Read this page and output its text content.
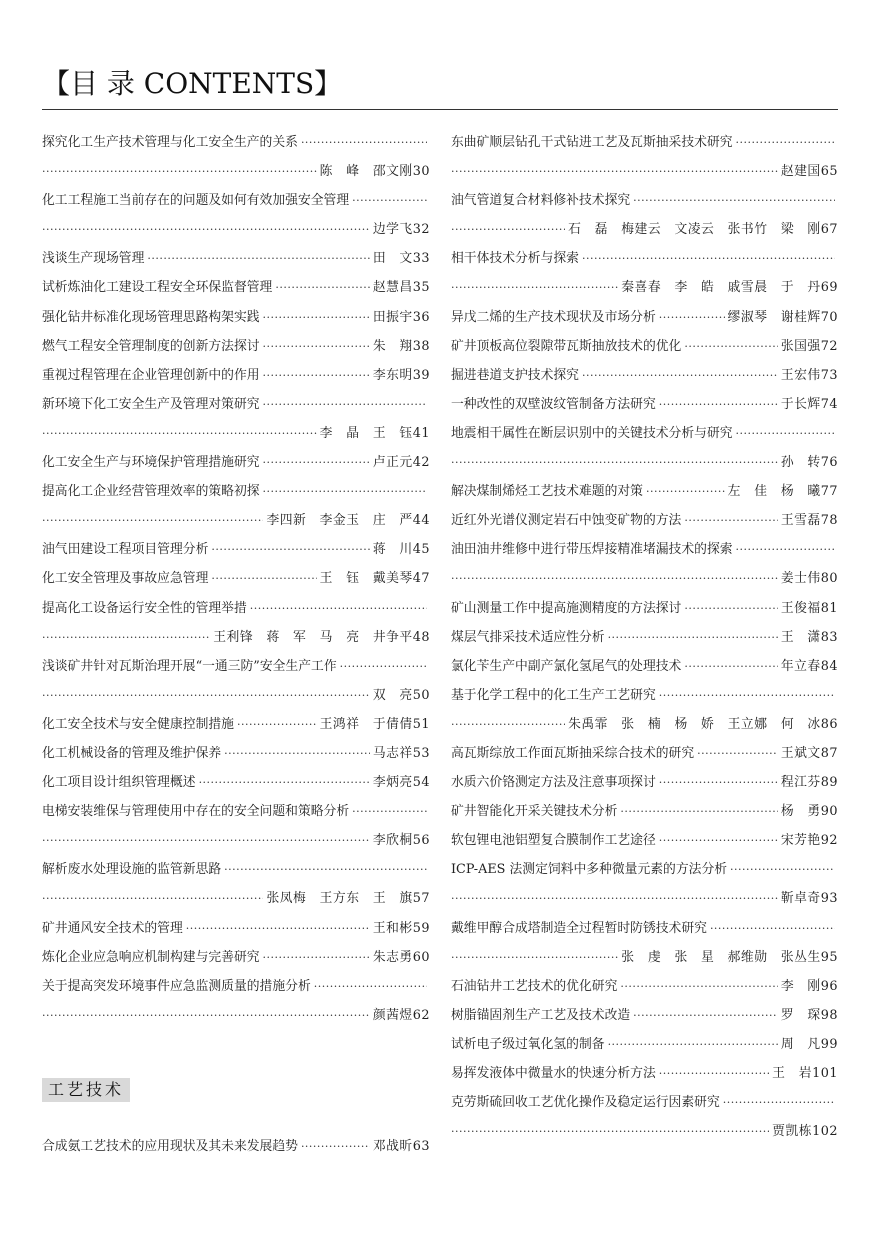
【目 录 CONTENTS】
探究化工生产技术管理与化工安全生产的关系
·····
·····
陈　峰　邵文刚 30
化工工程施工当前存在的问题及如何有效加强安全管理
·····
·····
边学飞 32
浅谈生产现场管理 ·····	田　文 33
试析炼油化工建设工程安全环保监督管理 ·····	赵慧昌 35
强化钻井标准化现场管理思路构架实践 ·····	田振宇 36
燃气工程安全管理制度的创新方法探讨 ·····	朱　翔 38
重视过程管理在企业管理创新中的作用 ·····	李东明 39
新环境下化工安全生产及管理对策研究
·····
·····
李　晶　王　钰 41
化工安全生产与环境保护管理措施研究 ·····	卢正元 42
提高化工企业经营管理效率的策略初探
·····
·····
李四新　李金玉　庄　严 44
油气田建设工程项目管理分析 ·····	蒋　川 45
化工安全管理及事故应急管理 ·····	王　钰　戴美琴 47
提高化工设备运行安全性的管理举措
·····
·····
王利锋　蒋　军　马　亮　井争平 48
浅谈矿井针对瓦斯治理开展“一通三防”安全生产工作
·····
·····
双　亮 50
化工安全技术与安全健康控制措施 ·····	王鸿祥　于倩倩 51
化工机械设备的管理及维护保养 ·····	马志祥 53
化工项目设计组织管理概述 ·····	李炳亮 54
电梯安装维保与管理使用中存在的安全问题和策略分析
·····
·····
李欣桐 56
解析废水处理设施的监管新思路
·····
·····
张凤梅　王方东　王　旗 57
矿井通风安全技术的管理 ·····	王和彬 59
炼化企业应急响应机制构建与完善研究 ·····	朱志勇 60
关于提高突发环境事件应急监测质量的措施分析
·····
·····
颜茜煜 62
东曲矿顺层钻孔干式钻进工艺及瓦斯抽采技术研究
·····
·····
赵建国 65
油气管道复合材料修补技术探究
·····
·····
石　磊　梅建云　文凌云　张书竹　梁　刚 67
相干体技术分析与探索
·····
·····
秦喜春　李　皓　戚雪晨　于　丹 69
异戊二烯的生产技术现状及市场分析 ·····	缪淑琴　谢桂辉 70
矿井顶板高位裂隙带瓦斯抽放技术的优化 ·····	张国强 72
掘进巷道支护技术探究 ·····	王宏伟 73
一种改性的双壁波纹管制备方法研究 ·····	于长辉 74
地震相干属性在断层识别中的关键技术分析与研究
·····
·····
孙　转 76
解决煤制烯烃工艺技术难题的对策 ·····	左　佳　杨　曦 77
近红外光谱仪测定岩石中蚀变矿物的方法 ·····	王雪磊 78
油田油井维修中进行带压焊接精准堵漏技术的探索
·····
·····
姜士伟 80
矿山测量工作中提高施测精度的方法探讨 ·····	王俊福 81
煤层气排采技术适应性分析 ·····	王　潇 83
氯化苄生产中副产氯化氢尾气的处理技术 ·····	年立春 84
基于化学工程中的化工生产工艺研究
·····
·····
朱禹霏　张　楠　杨　娇　王立娜　何　冰 86
高瓦斯综放工作面瓦斯抽采综合技术的研究 ·····	王斌文 87
水质六价铬测定方法及注意事项探讨 ·····	程江芬 89
矿井智能化开采关键技术分析 ·····	杨　勇 90
软包锂电池铝塑复合膜制作工艺途径 ·····	宋芳艳 92
ICP-AES 法测定饲料中多种微量元素的方法分析
·····
·····
靳卓奇 93
戴维甲醇合成塔制造全过程暂时防锈技术研究
·····
·····
张　虔　张　星　郝维勋　张丛生 95
石油钻井工艺技术的优化研究 ·····	李　刚 96
树脂锚固剂生产工艺及技术改造 ·····	罗　琛 98
试析电子级过氧化氢的制备 ·····	周　凡 99
易挥发液体中微量水的快速分析方法 ·····	王　岩 101
克劳斯硫回收工艺优化操作及稳定运行因素研究
·····
·····
贾凯栋 102
工艺技术
合成氨工艺技术的应用现状及其未来发展趋势 ·····	邓战昕 63
